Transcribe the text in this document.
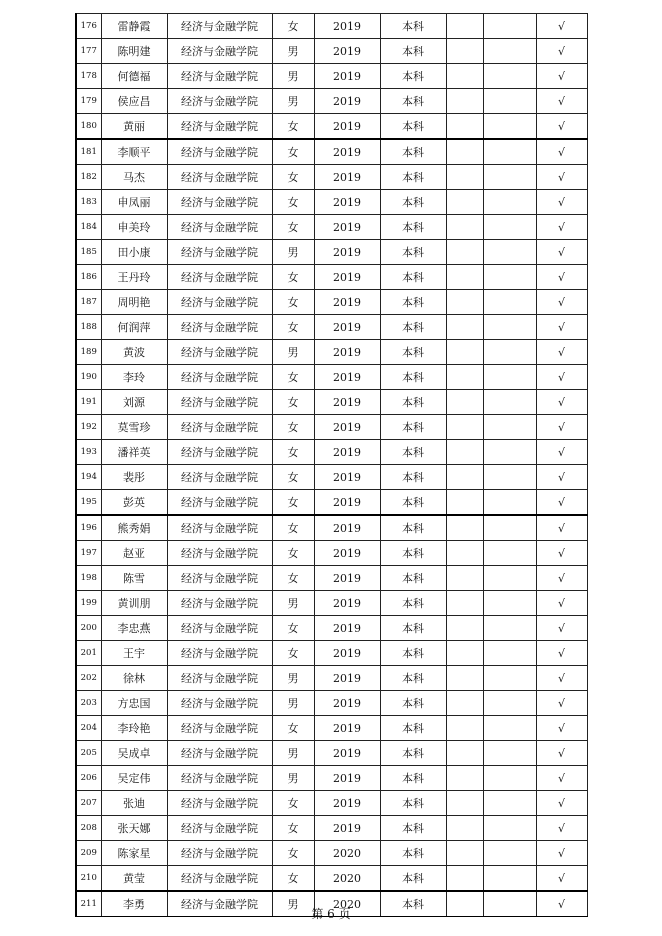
176	雷静霞	经济与金融学院	女	2019	本科			√
177	陈明建	经济与金融学院	男	2019	本科			√
178	何德福	经济与金融学院	男	2019	本科			√
179	侯应昌	经济与金融学院	男	2019	本科			√
180	黄丽	经济与金融学院	女	2019	本科			√
181	李顺平	经济与金融学院	女	2019	本科			√
182	马杰	经济与金融学院	女	2019	本科			√
183	申凤丽	经济与金融学院	女	2019	本科			√
184	申美玲	经济与金融学院	女	2019	本科			√
185	田小康	经济与金融学院	男	2019	本科			√
186	王丹玲	经济与金融学院	女	2019	本科			√
187	周明艳	经济与金融学院	女	2019	本科			√
188	何润萍	经济与金融学院	女	2019	本科			√
189	黄波	经济与金融学院	男	2019	本科			√
190	李玲	经济与金融学院	女	2019	本科			√
191	刘源	经济与金融学院	女	2019	本科			√
192	莫雪珍	经济与金融学院	女	2019	本科			√
193	潘祥英	经济与金融学院	女	2019	本科			√
194	裴彤	经济与金融学院	女	2019	本科			√
195	彭英	经济与金融学院	女	2019	本科			√
196	熊秀娟	经济与金融学院	女	2019	本科			√
197	赵亚	经济与金融学院	女	2019	本科			√
198	陈雪	经济与金融学院	女	2019	本科			√
199	黄训朋	经济与金融学院	男	2019	本科			√
200	李忠燕	经济与金融学院	女	2019	本科			√
201	王宇	经济与金融学院	女	2019	本科			√
202	徐林	经济与金融学院	男	2019	本科			√
203	方忠国	经济与金融学院	男	2019	本科			√
204	李玲艳	经济与金融学院	女	2019	本科			√
205	吴成卓	经济与金融学院	男	2019	本科			√
206	吴定伟	经济与金融学院	男	2019	本科			√
207	张迪	经济与金融学院	女	2019	本科			√
208	张天娜	经济与金融学院	女	2019	本科			√
209	陈家星	经济与金融学院	女	2020	本科			√
210	黄莹	经济与金融学院	女	2020	本科			√
211	李勇	经济与金融学院	男	2020	本科			√
第 6 页
